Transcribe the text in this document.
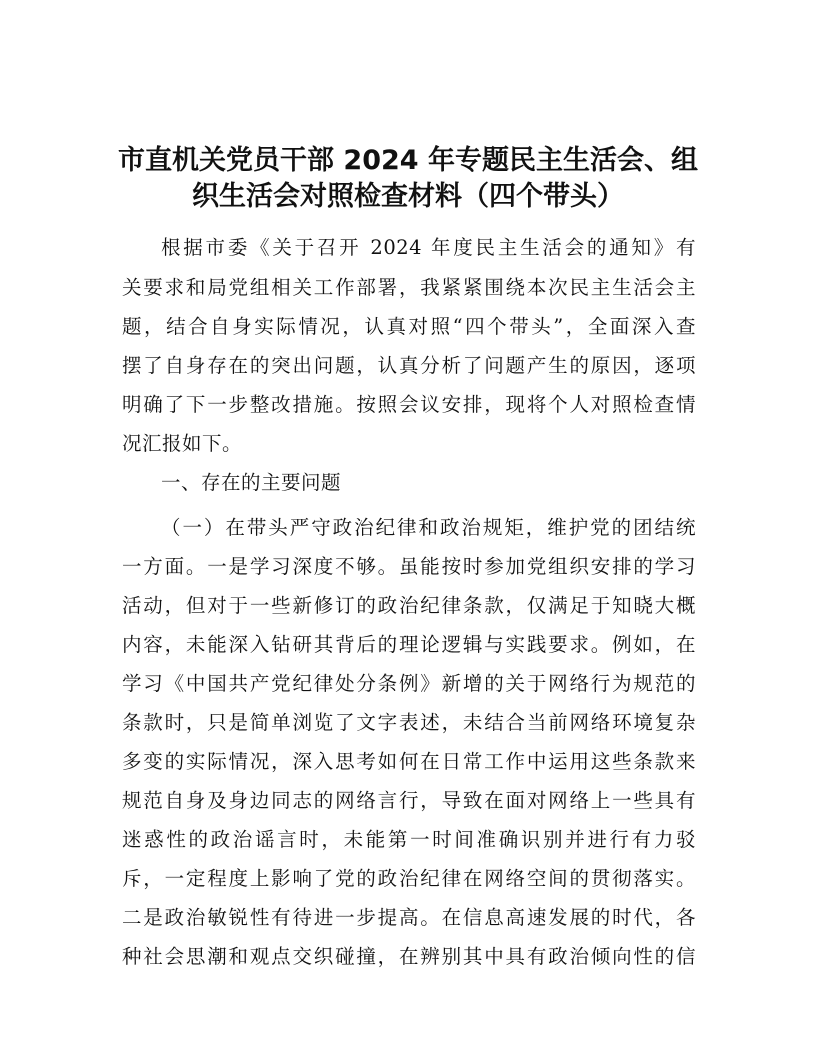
市直机关党员干部 2024 年专题民主生活会、组
织生活会对照检查材料（四个带头）

根据市委《关于召开 2024 年度民主生活会的通知》有

关要求和局党组相关工作部署，我紧紧围绕本次民主生活会主

题，结合自身实际情况，认真对照“四个带头”，全面深入查

摆了自身存在的突出问题，认真分析了问题产生的原因，逐项

明确了下一步整改措施。按照会议安排，现将个人对照检查情

况汇报如下。

一、存在的主要问题

（一）在带头严守政治纪律和政治规矩，维护党的团结统

一方面。一是学习深度不够。虽能按时参加党组织安排的学习

活动，但对于一些新修订的政治纪律条款，仅满足于知晓大概

内容，未能深入钻研其背后的理论逻辑与实践要求。例如，在

学习《中国共产党纪律处分条例》新增的关于网络行为规范的

条款时，只是简单浏览了文字表述，未结合当前网络环境复杂

多变的实际情况，深入思考如何在日常工作中运用这些条款来

规范自身及身边同志的网络言行，导致在面对网络上一些具有

迷惑性的政治谣言时，未能第一时间准确识别并进行有力驳

斥，一定程度上影响了党的政治纪律在网络空间的贯彻落实。

二是政治敏锐性有待进一步提高。在信息高速发展的时代，各

种社会思潮和观点交织碰撞，在辨别其中具有政治倾向性的信
